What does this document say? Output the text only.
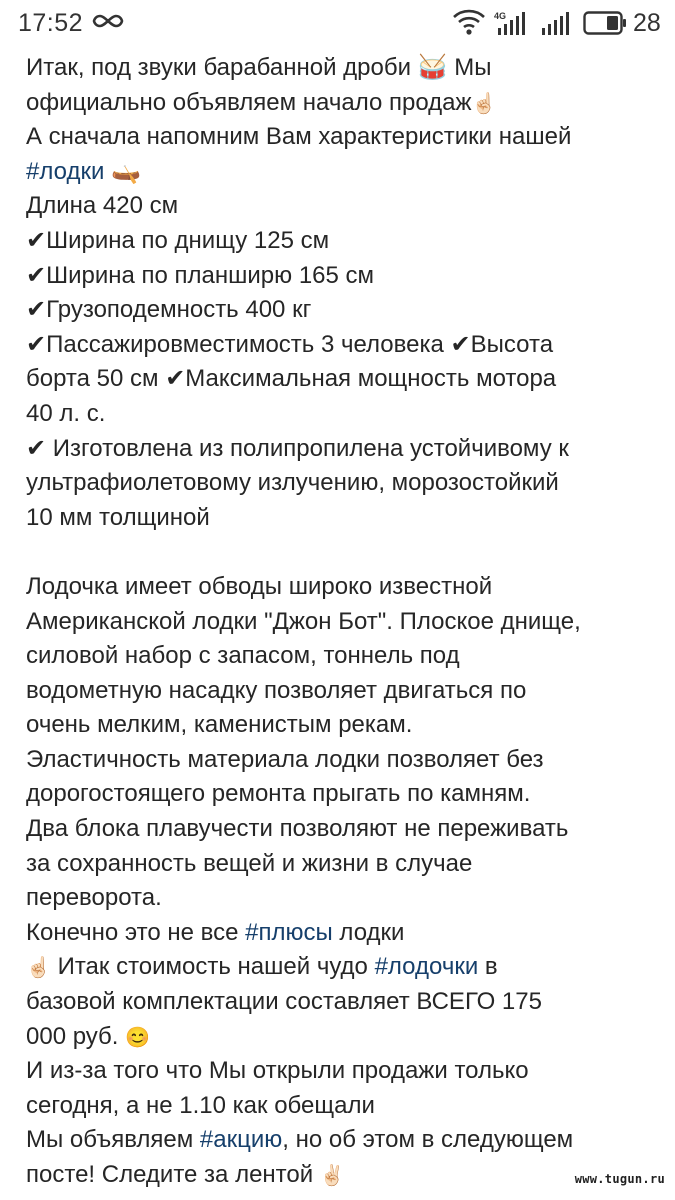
17:52	4G	28
Итак, под звуки барабанной дроби 🥁 Мы
официально объявляем начало продаж☝🏻
А сначала напомним Вам характеристики нашей
#лодки 🛶
Длина 420 см
✔Ширина по днищу 125 см
✔Ширина по планширю 165 см
✔Грузоподемность 400 кг
✔Пассажировместимость 3 человека ✔Высота
борта 50 см ✔Максимальная мощность мотора
40 л. с.
✔ Изготовлена из полипропилена устойчивому к
ультрафиолетовому излучению, морозостойкий
10 мм толщиной
Лодочка имеет обводы широко известной
Американской лодки "Джон Бот". Плоское днище,
силовой набор с запасом, тоннель под
водометную насадку позволяет двигаться по
очень мелким, каменистым рекам.
Эластичность материала лодки позволяет без
дорогостоящего ремонта прыгать по камням.
Два блока плавучести позволяют не переживать
за сохранность вещей и жизни в случае
переворота.
Конечно это не все #плюсы лодки
☝🏻 Итак стоимость нашей чудо #лодочки в
базовой комплектации составляет ВСЕГО 175
000 руб. 😊
И из-за того что Мы открыли продажи только
сегодня, а не 1.10 как обещали
Мы объявляем #акцию, но об этом в следующем
посте! Следите за лентой ✌🏻	www.tugun.ru
